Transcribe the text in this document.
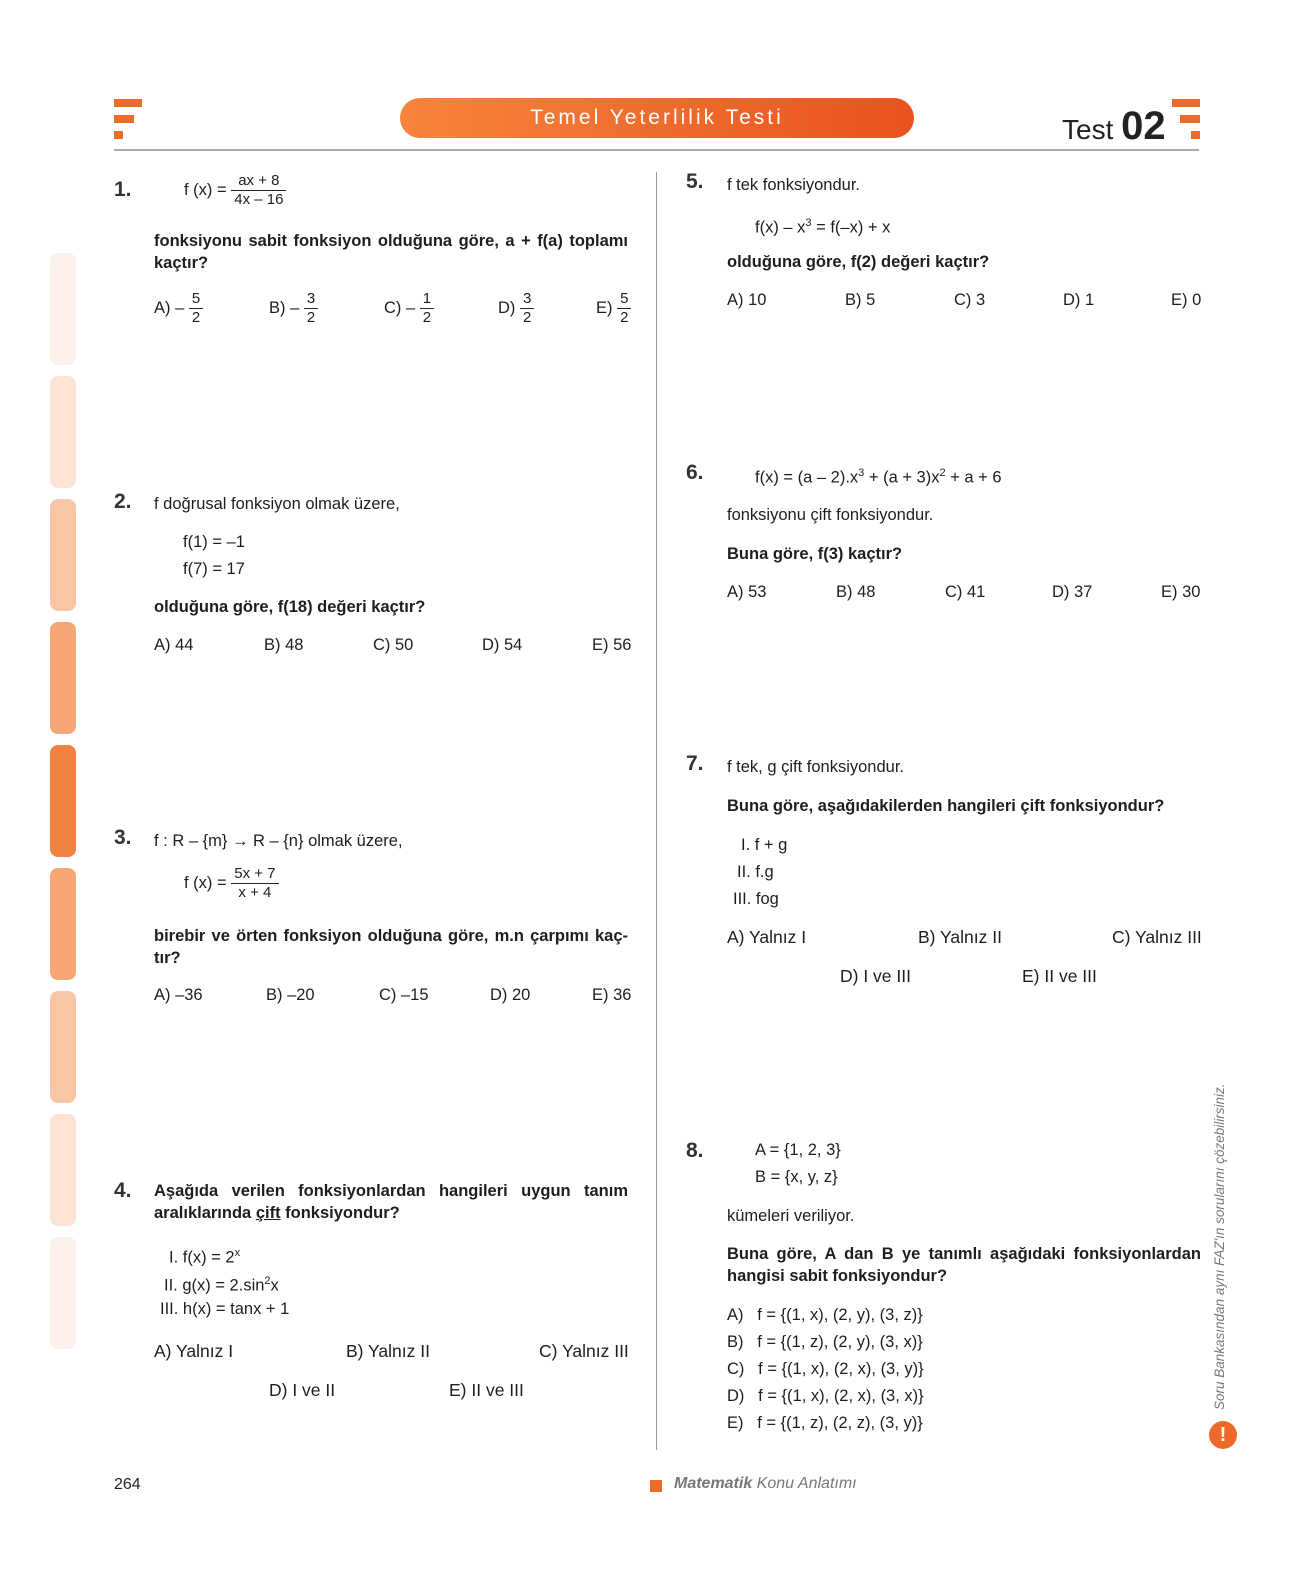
Temel Yeterlilik Testi	Test 02
1.	f $(x) = \frac{ax + 8}{4x - 16}$
fonksiyonu sabit fonksiyon olduğuna göre, a + f(a) toplamı kaçtır?
$A) - \frac{5}{2}$	$B) - \frac{3}{2}$	$C) - \frac{1}{2}$	$D) \frac{3}{2}$	$E) \frac{5}{2}$
2. f doğrusal fonksiyon olmak üzere,
f(1) = –1
f(7) = 17
olduğuna göre, f(18) değeri kaçtır?
A) 44	B) 48	C) 50	D) 54	E) 56
3. f : R – {m} → R – {n} olmak üzere,
f $(x) = \frac{5x + 7}{x + 4}$
birebir ve örten fonksiyon olduğuna göre, m.n çarpımı kaç-tır?
A) –36	B) –20	C) –15	D) 20	E) 36
4. Aşağıda verilen fonksiyonlardan hangileri uygun tanım aralıklarında çift fonksiyondur?
I. $f(x) = 2^x$
II. $g(x) = 2.\sin^2x$
III. h(x) = tanx + 1
A) Yalnız I	B) Yalnız II	C) Yalnız III
D) I ve II	E) II ve III
5. f tek fonksiyondur.
$f(x) - x^3 = f(-x) + x$
olduğuna göre, f(2) değeri kaçtır?
A) 10	B) 5	C) 3	D) 1	E) 0
6.	$f(x) = (a - 2).x^3 + (a + 3)x^2 + a + 6$
fonksiyonu çift fonksiyondur.
Buna göre, f(3) kaçtır?
A) 53	B) 48	C) 41	D) 37	E) 30
7. f tek, g çift fonksiyondur.
Buna göre, aşağıdakilerden hangileri çift fonksiyondur?
I. f + g
II. f.g
III. fog
A) Yalnız I	B) Yalnız II	C) Yalnız III
D) I ve III	E) II ve III
8.	A = {1, 2, 3}
B = {x, y, z}
kümeleri veriliyor.
Buna göre, A dan B ye tanımlı aşağıdaki fonksiyonlardan hangisi sabit fonksiyondur?
A)   f = {(1, x), (2, y), (3, z)}
B)   f = {(1, z), (2, y), (3, x)}
C)   f = {(1, x), (2, x), (3, y)}
D)   f = {(1, x), (2, x), (3, x)}
E)   f = {(1, z), (2, z), (3, y)}
Soru Bankasından aynı FAZ'ın sorularını çözebilirsiniz.
!
264	Matematik Konu Anlatımı
